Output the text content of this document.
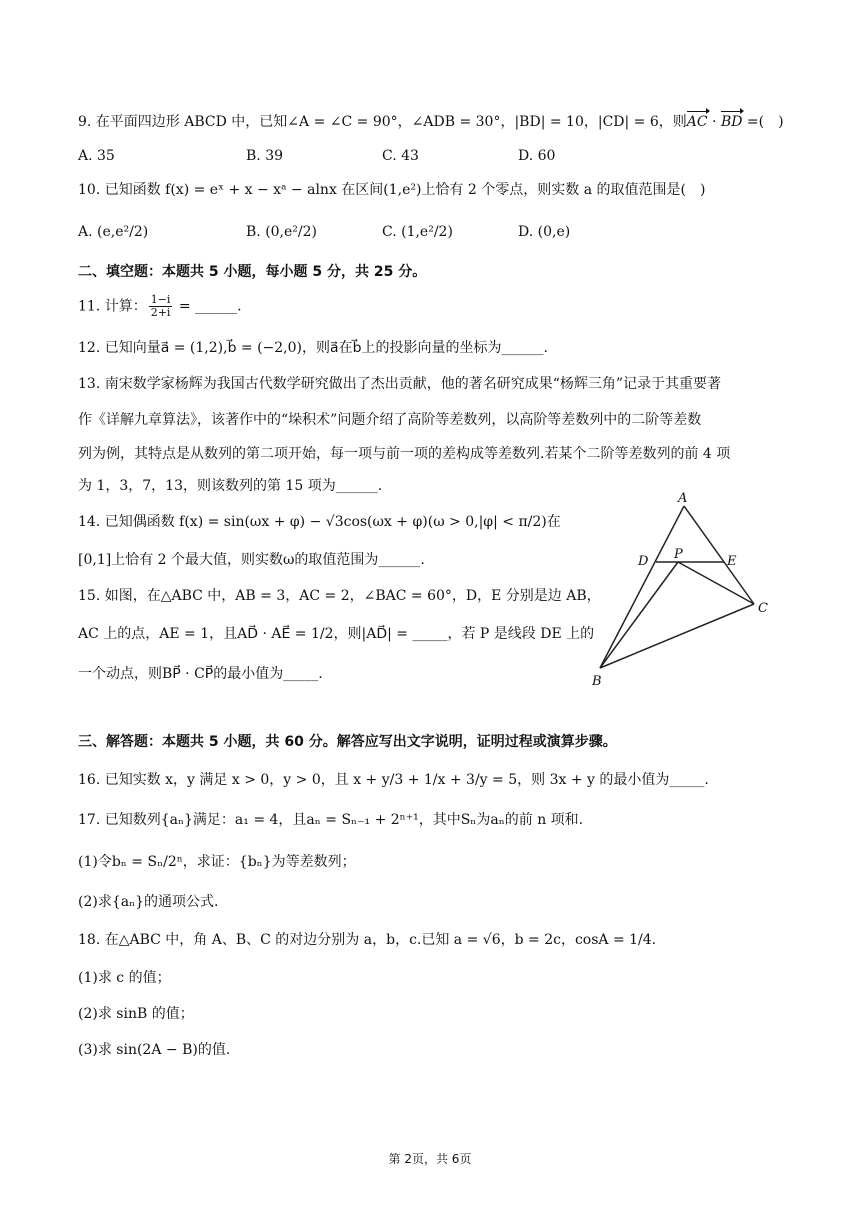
9. 在平面四边形 ABCD 中，已知∠A = ∠C = 90°，∠ADB = 30°，|BD| = 10，|CD| = 6，则AC · BD =(　)
A. 35	B. 39	C. 43	D. 60
10. 已知函数 f(x) = eˣ + x − xᵃ − alnx 在区间(1,e²)上恰有 2 个零点，则实数 a 的取值范围是(　)
A. (e,e²/2)	B. (0,e²/2)	C. (1,e²/2)	D. (0,e)
二、填空题：本题共 5 小题，每小题 5 分，共 25 分。
11. 计算： $\frac{1-i}{2+i}$ = ______.
12. 已知向量a⃗ = (1,2),b⃗ = (−2,0)，则a⃗在b⃗上的投影向量的坐标为______.
13. 南宋数学家杨辉为我国古代数学研究做出了杰出贡献，他的著名研究成果“杨辉三角”记录于其重要著
作《详解九章算法》，该著作中的“垛积术”问题介绍了高阶等差数列，以高阶等差数列中的二阶等差数
列为例，其特点是从数列的第二项开始，每一项与前一项的差构成等差数列.若某个二阶等差数列的前 4 项
为 1，3，7，13，则该数列的第 15 项为______.
14. 已知偶函数 f(x) = sin(ωx + φ) − √3cos(ωx + φ)(ω > 0,|φ| < π/2)在
[0,1]上恰有 2 个最大值，则实数ω的取值范围为______.
15. 如图，在△ABC 中，AB = 3，AC = 2，∠BAC = 60°，D，E 分别是边 AB，
AC 上的点，AE = 1，且AD⃗ · AE⃗ = 1/2，则|AD⃗| = _____，若 P 是线段 DE 上的
一个动点，则BP⃗ · CP⃗的最小值为_____.
A
D P	E
C
B
三、解答题：本题共 5 小题，共 60 分。解答应写出文字说明，证明过程或演算步骤。
16. 已知实数 x，y 满足 x > 0，y > 0，且 x + y/3 + 1/x + 3/y = 5，则 3x + y 的最小值为_____.
17. 已知数列{aₙ}满足：a₁ = 4，且aₙ = Sₙ₋₁ + 2ⁿ⁺¹，其中Sₙ为aₙ的前 n 项和.
(1)令bₙ = Sₙ/2ⁿ，求证：{bₙ}为等差数列；
(2)求{aₙ}的通项公式.
18. 在△ABC 中，角 A、B、C 的对边分别为 a，b，c.已知 a = √6，b = 2c，cosA = 1/4.
(1)求 c 的值；
(2)求 sinB 的值；
(3)求 sin(2A − B)的值.
第 2页，共 6页
